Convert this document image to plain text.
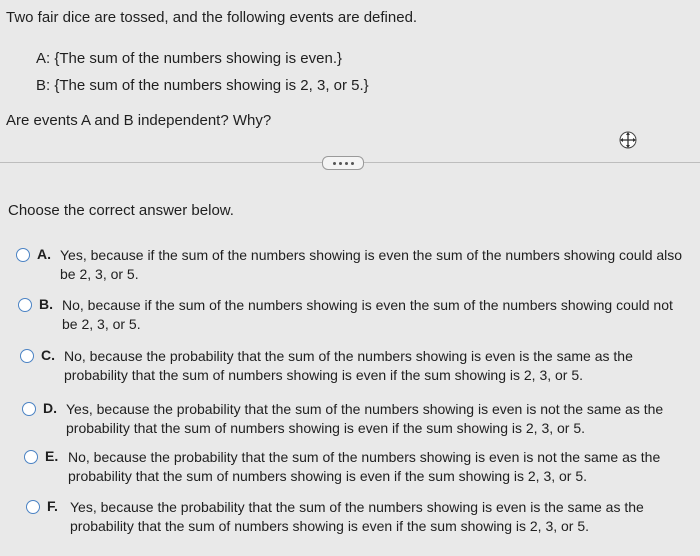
Two fair dice are tossed, and the following events are defined.
A: {The sum of the numbers showing is even.}
B: {The sum of the numbers showing is 2, 3, or 5.}
Are events A and B independent? Why?
Choose the correct answer below.
A. Yes, because if the sum of the numbers showing is even the sum of the numbers showing could also be 2, 3, or 5.
B. No, because if the sum of the numbers showing is even the sum of the numbers showing could not be 2, 3, or 5.
C. No, because the probability that the sum of the numbers showing is even is the same as the probability that the sum of numbers showing is even if the sum showing is 2, 3, or 5.
D. Yes, because the probability that the sum of the numbers showing is even is not the same as the probability that the sum of numbers showing is even if the sum showing is 2, 3, or 5.
E. No, because the probability that the sum of the numbers showing is even is not the same as the probability that the sum of numbers showing is even if the sum showing is 2, 3, or 5.
F. Yes, because the probability that the sum of the numbers showing is even is the same as the probability that the sum of numbers showing is even if the sum showing is 2, 3, or 5.
